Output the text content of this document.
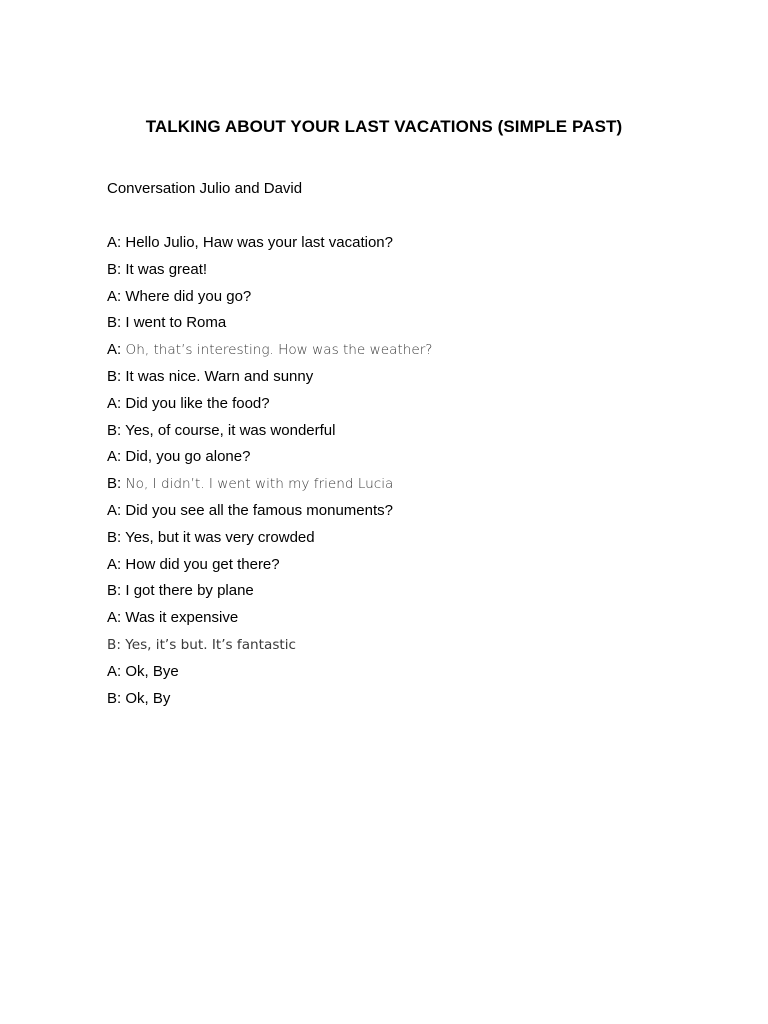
TALKING ABOUT YOUR LAST VACATIONS (SIMPLE PAST)

Conversation Julio and David

A: Hello Julio, Haw was your last vacation?
B: It was great!
A: Where did you go?
B: I went to Roma
A: Oh, that’s interesting. How was the weather?
B: It was nice. Warn and sunny
A: Did you like the food?
B: Yes, of course, it was wonderful
A: Did, you go alone?
B: No, I didn’t. I went with my friend Lucia
A: Did you see all the famous monuments?
B: Yes, but it was very crowded
A: How did you get there?
B: I got there by plane
A: Was it expensive
B: Yes, it’s but. It’s fantastic
A: Ok, Bye
B: Ok, By
